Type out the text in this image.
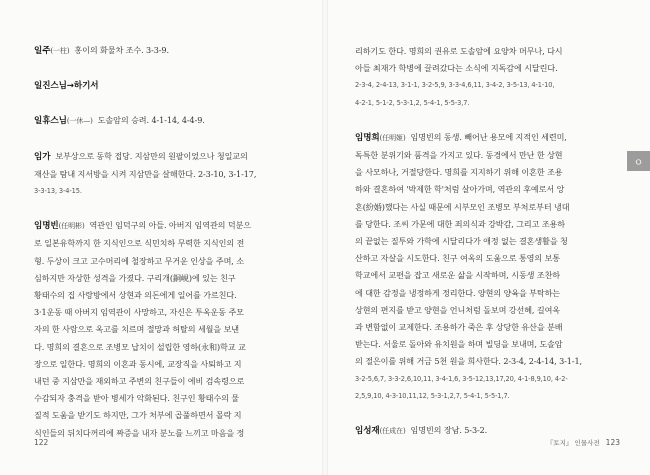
일주(一柱) 홍이의 화물차 조수. 3-3-9.

일진스님→하기서

일휴스님(一休—) 도솔암의 승려. 4-1-14, 4-4-9.

임가 보부상으로 동학 접당. 지삼만의 원팔이었으나 청일교의

재산을 탐내 지서방을 시켜 지삼만을 살해한다. 2-3-10, 3-1-17,

3-3-13, 3-4-15.

임명빈(任明彬) 역관인 임덕구의 아들. 아버지 임역관의 덕분으

로 일본유학까지 한 지식인으로 식민치하 무력한 지식인의 전

형. 두상이 크고 고수머리에 철장하고 무거운 인상을 주며, 소

심하지만 자상한 성격을 가졌다. 구리개(銅峴)에 있는 친구

황태수의 집 사랑방에서 상현과 의돈에게 일어를 가르친다.

3·1운동 때 아버지 임역관이 사망하고, 자신은 투옥운동 주모

자의 한 사람으로 옥고를 치르며 절망과 허탈의 세월을 보낸

다. 명희의 결혼으로 조병모 납치이 설립한 영하(永和)학교 교

장으로 일한다. 명희의 이혼과 동시에, 교장직을 사퇴하고 지

내던 중 지삼만을 재외하고 주변의 친구들이 에비 검속령으로

수감되자 충격을 받아 병세가 악화된다. 친구인 황태수의 물

질적 도움을 받기도 하지만, 그가 처부에 곱풀하면서 몰락 지

식인들의 뒤치다꺼리에 짜증을 내자 분노를 느끼고 마음을 정

122

리하기도 한다. 명희의 권유로 도솔암에 요양차 머무나, 다시

아들 최재가 학병에 끌려갔다는 소식에 지독감에 시달린다.

2-3-4, 2-4-13, 3-1-1, 3-2-5,9, 3-3-4,6,11, 3-4-2, 3-5-13, 4-1-10,

4-2-1, 5-1-2, 5-3-1,2, 5-4-1, 5-5-3,7.

임명희(任明姬) 임명빈의 동생. 빼어난 용모에 지적인 세련미,

독특한 분위기와 품격을 가지고 있다. 동경에서 만난 한 상현

을 사모하나, 거절당한다. 명희를 지지하기 위해 이혼한 조용

하와 결혼하여 '박제한 학'처럼 살아가며, 역관의 후예로서 앙

혼(紛婚)했다는 사실 때문에 시부모인 조병모 부처로부터 냉대

를 당한다. 조씨 가문에 대한 죄의식과 강박감, 그리고 조용하

의 끝없는 질투와 가학에 시달리다가 애정 없는 결혼생활을 청

산하고 자살을 시도한다. 친구 여옥의 도움으로 통영의 보통

학교에서 교편을 잡고 새로운 삶을 시작하며, 시동생 조찬하

에 대한 감정을 냉정하게 정리한다. 양현의 양육을 부탁하는

상현의 편지를 받고 양현을 언니처럼 돌보며 강선혜, 길여옥

과 변함없이 교제한다. 조용하가 죽은 후 상당한 유산을 분배

받는다. 서울로 돌아와 유치원을 하며 빌딩을 보내며, 도솔암

의 절은이를 위해 거금 5천 원을 희사한다. 2-3-4, 2-4-14, 3-1-1,

3-2-5,6,7, 3-3-2,6,10,11, 3-4-1,6, 3-5-12,13,17,20, 4-1-8,9,10, 4-2-

2,5,9,10, 4-3-10,11,12, 5-3-1,2,7, 5-4-1, 5-5-1,7.

임성재(任成在) 임명빈의 장남. 5-3-2.

『토지』 인물사전 123
ㅇ
